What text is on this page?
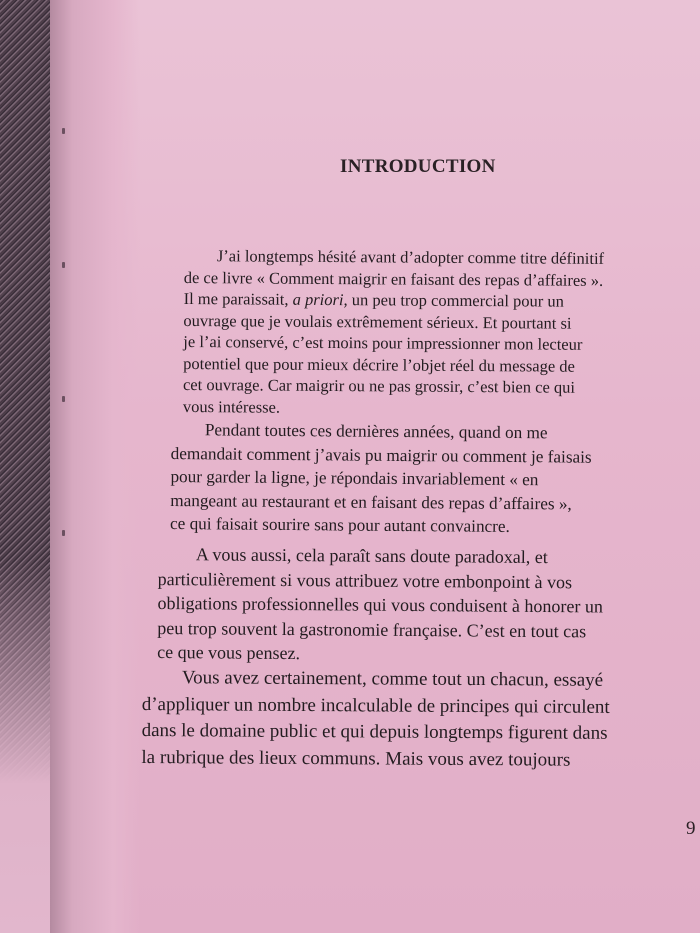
INTRODUCTION

J’ai longtemps hésité avant d’adopter comme titre définitif
de ce livre « Comment maigrir en faisant des repas d’affaires ».
Il me paraissait, a priori, un peu trop commercial pour un
ouvrage que je voulais extrêmement sérieux. Et pourtant si
je l’ai conservé, c’est moins pour impressionner mon lecteur
potentiel que pour mieux décrire l’objet réel du message de
cet ouvrage. Car maigrir ou ne pas grossir, c’est bien ce qui
vous intéresse.

Pendant toutes ces dernières années, quand on me
demandait comment j’avais pu maigrir ou comment je faisais
pour garder la ligne, je répondais invariablement « en
mangeant au restaurant et en faisant des repas d’affaires »,
ce qui faisait sourire sans pour autant convaincre.

A vous aussi, cela paraît sans doute paradoxal, et
particulièrement si vous attribuez votre embonpoint à vos
obligations professionnelles qui vous conduisent à honorer un
peu trop souvent la gastronomie française. C’est en tout cas
ce que vous pensez.

Vous avez certainement, comme tout un chacun, essayé
d’appliquer un nombre incalculable de principes qui circulent
dans le domaine public et qui depuis longtemps figurent dans
la rubrique des lieux communs. Mais vous avez toujours

9
